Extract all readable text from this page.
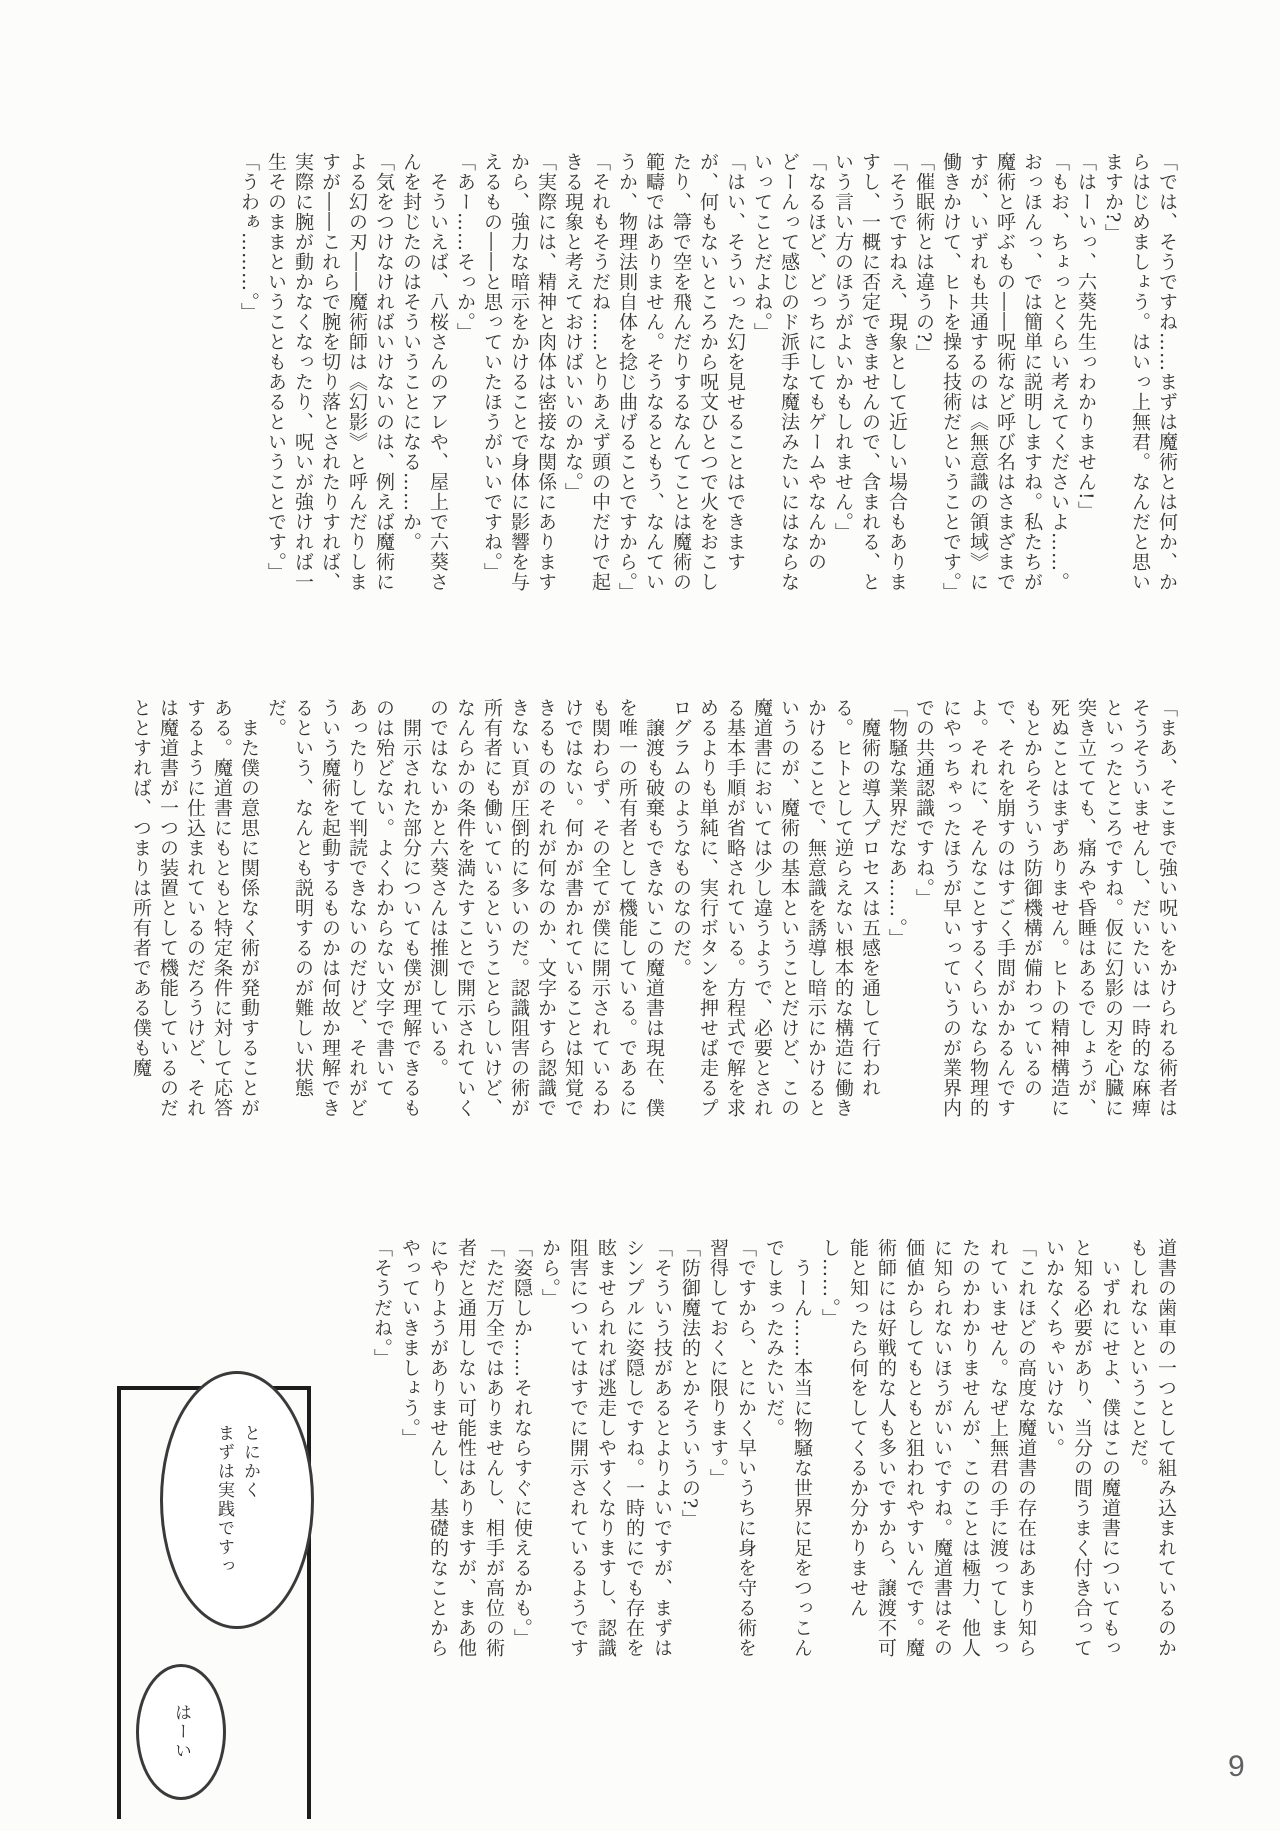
「では、そうですね……まずは魔術とは何か、からはじめましょう。はいっ上無君。なんだと思いますか?」

「はーいっ、六葵先生っわかりません!」

「もお、ちょっとくらい考えてくださいよ……。おっほんっ、では簡単に説明しますね。私たちが魔術と呼ぶもの――呪術など呼び名はさまざまですが、いずれも共通するのは《無意識の領域》に働きかけて、ヒトを操る技術だということです。」

「催眠術とは違うの?」

「そうですねえ、現象として近しい場合もありますし、一概に否定できませんので、含まれる、という言い方のほうがよいかもしれません。」

「なるほど、どっちにしてもゲームやなんかのどーんって感じのド派手な魔法みたいにはならないってことだよね。」

「はい、そういった幻を見せることはできますが、何もないところから呪文ひとつで火をおこしたり、箒で空を飛んだりするなんてことは魔術の範疇ではありません。そうなるともう、なんていうか、物理法則自体を捻じ曲げることですから。」

「それもそうだね……とりあえず頭の中だけで起きる現象と考えておけばいいのかな。」

「実際には、精神と肉体は密接な関係にありますから、強力な暗示をかけることで身体に影響を与えるもの――と思っていたほうがいいですね。」

「あー……そっか。」

　そういえば、八桜さんのアレや、屋上で六葵さんを封じたのはそういうことになる……か。

「気をつけなければいけないのは、例えば魔術による幻の刃――魔術師は《幻影》と呼んだりしますが――これらで腕を切り落とされたりすれば、実際に腕が動かなくなったり、呪いが強ければ一生そのままということもあるということです。」

「うわぁ………。」

「まあ、そこまで強い呪いをかけられる術者はそうそういませんし、だいたいは一時的な麻痺といったところですね。仮に幻影の刃を心臓に突き立てても、痛みや昏睡はあるでしょうが、死ぬことはまずありません。ヒトの精神構造にもとからそういう防御機構が備わっているので、それを崩すのはすごく手間がかかるんですよ。それに、そんなことするくらいなら物理的にやっちゃったほうが早いっていうのが業界内での共通認識ですね。」

「物騒な業界だなあ……。」

　魔術の導入プロセスは五感を通して行われる。ヒトとして逆らえない根本的な構造に働きかけることで、無意識を誘導し暗示にかけるというのが、魔術の基本ということだけど、この魔道書においては少し違うようで、必要とされる基本手順が省略されている。方程式で解を求めるよりも単純に、実行ボタンを押せば走るプログラムのようなものなのだ。

　譲渡も破棄もできないこの魔道書は現在、僕を唯一の所有者として機能している。であるにも関わらず、その全てが僕に開示されているわけではない。何かが書かれていることは知覚できるもののそれが何なのか、文字かすら認識できない頁が圧倒的に多いのだ。認識阻害の術が所有者にも働いているということらしいけど、なんらかの条件を満たすことで開示されていくのではないかと六葵さんは推測している。

　開示された部分についても僕が理解できるものは殆どない。よくわからない文字で書いてあったりして判読できないのだけど、それがどういう魔術を起動するものかは何故か理解できるという、なんとも説明するのが難しい状態だ。

　また僕の意思に関係なく術が発動することがある。魔道書にもともと特定条件に対して応答するように仕込まれているのだろうけど、それは魔道書が一つの装置として機能しているのだととすれば、つまりは所有者である僕も魔

道書の歯車の一つとして組み込まれているのかもしれないということだ。

　いずれにせよ、僕はこの魔道書についてもっと知る必要があり、当分の間うまく付き合っていかなくちゃいけない。

「これほどの高度な魔道書の存在はあまり知られていません。なぜ上無君の手に渡ってしまったのかわかりませんが、このことは極力、他人に知られないほうがいいですね。魔道書はその価値からしてもともと狙われやすいんです。魔術師には好戦的な人も多いですから、譲渡不可能と知ったら何をしてくるか分かりませんし……。」

　うーん……本当に物騒な世界に足をつっこんでしまったみたいだ。

「ですから、とにかく早いうちに身を守る術を習得しておくに限ります。」

「防御魔法的とかそういうの?」

「そういう技があるとよりよいですが、まずはシンプルに姿隠しですね。一時的にでも存在を眩ませられれば逃走しやすくなりますし、認識阻害についてはすでに開示されているようですから。」

「姿隠しか……それならすぐに使えるかも。」

「ただ万全ではありませんし、相手が高位の術者だと通用しない可能性はありますが、まあ他にやりようがありませんし、基礎的なことからやっていきましょう。」

「そうだね。」

とにかく

まずは実践ですっ

はーい

9
